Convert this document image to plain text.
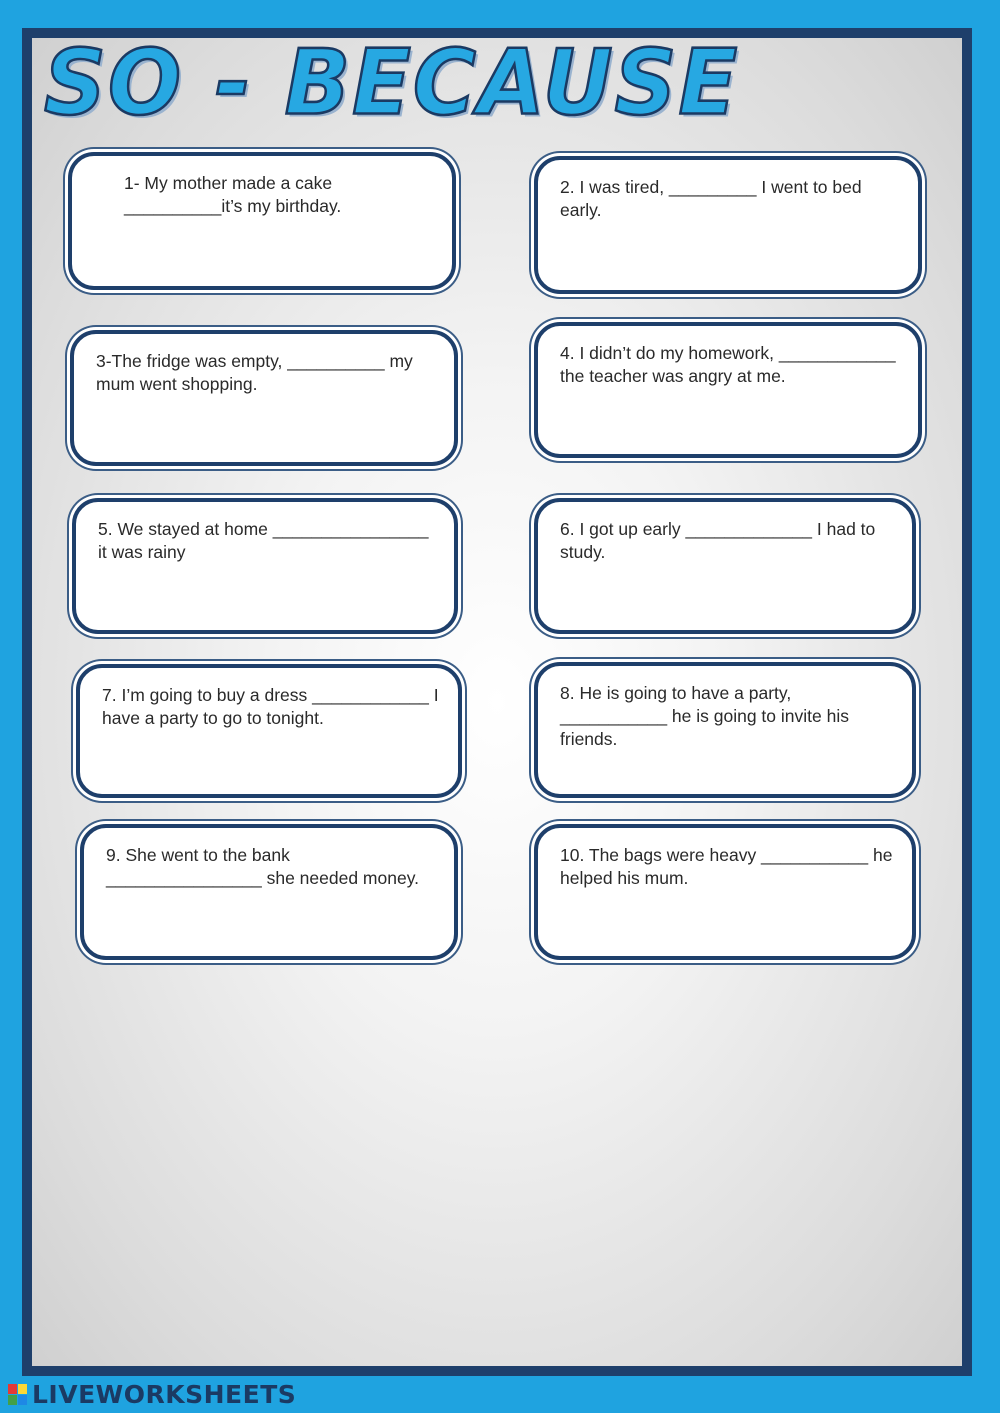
SO - BECAUSE
1- My mother made a cake __________it’s my birthday.
3-The fridge was empty, __________ my mum went shopping.
5. We stayed at home ________________ it was rainy
7. I’m going to buy a dress ____________ I have a party to go to tonight.
9. She went to the bank ________________ she needed money.
2. I was tired, _________ I went to bed early.
4. I didn’t do my homework, ____________ the teacher was angry at me.
6. I got up early _____________ I had to study.
8. He is going to have a party, ___________ he is going to invite his friends.
10. The bags were heavy ___________ he helped his mum.
LIVEWORKSHEETS
